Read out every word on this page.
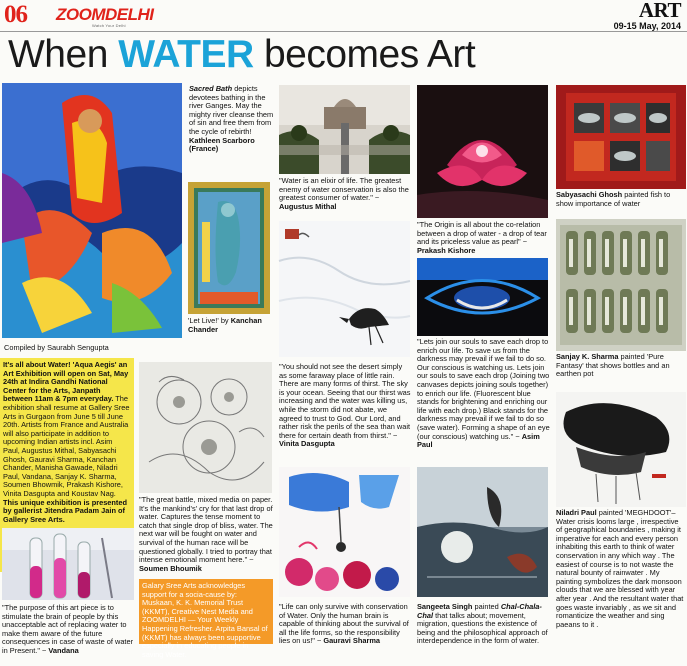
06 ZOOMDELHI
Watch Your Delhi
ART
09-15 May, 2014
When WATER becomes Art
Sacred Bath depicts devotees bathing in the river Ganges. May the mighty river cleanse them of sin and free them from the cycle of rebirth! Kathleen Scarboro (France)
'Let Live!' by Kanchan Chander
Compiled by Saurabh Sengupta
"Water is an elixir of life. The greatest enemy of water conservation is also the greatest consumer of water." ~ Augustus Mithal
"The Origin is all about the co-relation between a drop of water - a drop of tear and its priceless value as pearl" ~ Prakash Kishore
Sabyasachi Ghosh painted fish to show importance of water
Sanjay K. Sharma painted 'Pure Fantasy' that shows bottles and an earthen pot
Niladri Paul painted 'MEGHDOOT'– Water crisis looms large , irrespective of geographical boundaries , making it imperative for each and every person inhabiting this earth to think of water conservation in any which way . The easiest of course is to not waste the natural bounty of rainwater . My painting symbolizes the dark monsoon clouds that we are blessed with year after year . And the resultant water that goes waste invariably , as we sit and romanticize the weather and sing paeans to it .
It's all about Water! 'Aqua Aegis' an Art Exhibition will open on Sat, May 24th at Indira Gandhi National Center for the Arts, Janpath between 11am & 7pm everyday. The exhibition shall resume at Gallery Sree Arts in Gurgaon from June 5 till June 20th. Artists from France and Australia will also participate in addition to upcoming Indian artists incl. Asim Paul, Augustus Mithal, Sabyasachi Ghosh, Gauravi Sharma, Kanchan Chander, Manisha Gawade, Niladri Paul, Vandana, Sanjay K. Sharma, Soumen Bhowmik, Prakash Kishore, Vinita Dasgupta and Koustav Nag. This unique exhibition is presented by gallerist Jitendra Padam Jain of Gallery Sree Arts.
"The great battle, mixed media on paper. It's the mankind's' cry for that last drop of water. Captures the tense moment to catch that single drop of bliss, water. The next war will be fought on water and survival of the human race will be questioned globally. I tried to portray that intense emotional moment here." ~ Soumen Bhoumik
"You should not see the desert simply as some faraway place of little rain. There are many forms of thirst. The sky is your ocean. Seeing that our thirst was increasing and the water was killing us, while the storm did not abate, we agreed to trust to God. Our Lord, and rather risk the perils of the sea than wait there for certain death from thirst." ~ Vinita Dasgupta
"Lets join our souls to save each drop to enrich our life. To save us from the darkness may prevail if we fail to do so. Our conscious is watching us. Lets join our souls to save each drop (Joining two canvases depicts joining souls together) to enrich our life. (Fluorescent blue stands for brightening and enriching our life with each drop.) Black stands for the darkness may prevail if we fail to do so (save water). Forming a shape of an eye (our conscious) watching us." ~ Asim Paul
"Life can only survive with conservation of Water. Only the human brain is capable of thinking about the survival of all the life forms, so the responsibility lies on us!" ~ Gauravi Sharma
Sangeeta Singh painted Chal-Chala-Chal that talks about; movement, migration, questions the existence of being and the philosophical approach of interdependence in the form of water.
Galary Sree Arts acknowledges support for a socia-cause by: Muskaan, K. K. Memorial Trust (KKMT), Creative Nest Media and ZOOMDELHI — Your Weekly Happening Refresher. Arpita Bansal of (KKMT) has always been supportive especially in educating people in saving Water.
"The purpose of this art piece is to stimulate the brain of people by this unacceptable act of replacing water to make them aware of the future consequences in case of waste of water in Present." ~ Vandana
